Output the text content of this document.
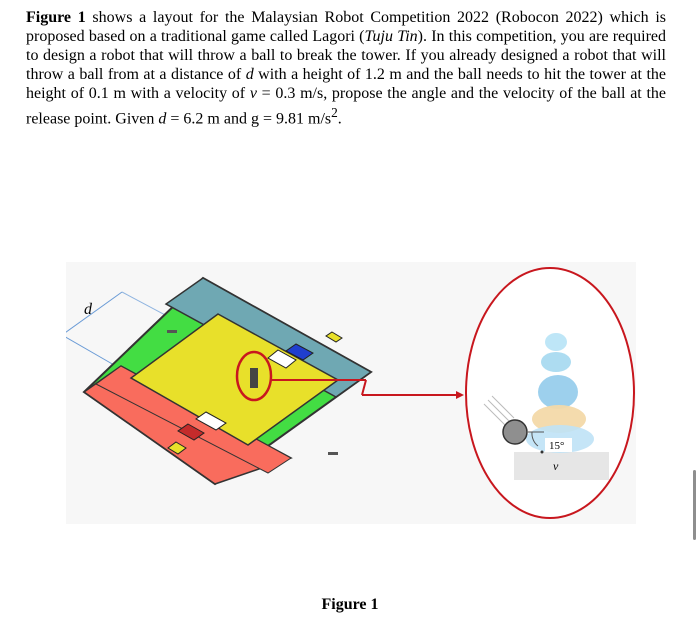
Figure 1 shows a layout for the Malaysian Robot Competition 2022 (Robocon 2022) which is proposed based on a traditional game called Lagori (Tuju Tin). In this competition, you are required to design a robot that will throw a ball to break the tower. If you already designed a robot that will throw a ball from at a distance of d with a height of 1.2 m and the ball needs to hit the tower at the height of 0.1 m with a velocity of v = 0.3 m/s, propose the angle and the velocity of the ball at the release point. Given d = 6.2 m and g = 9.81 $m/s^2$.
d
15°
v
Figure 1
